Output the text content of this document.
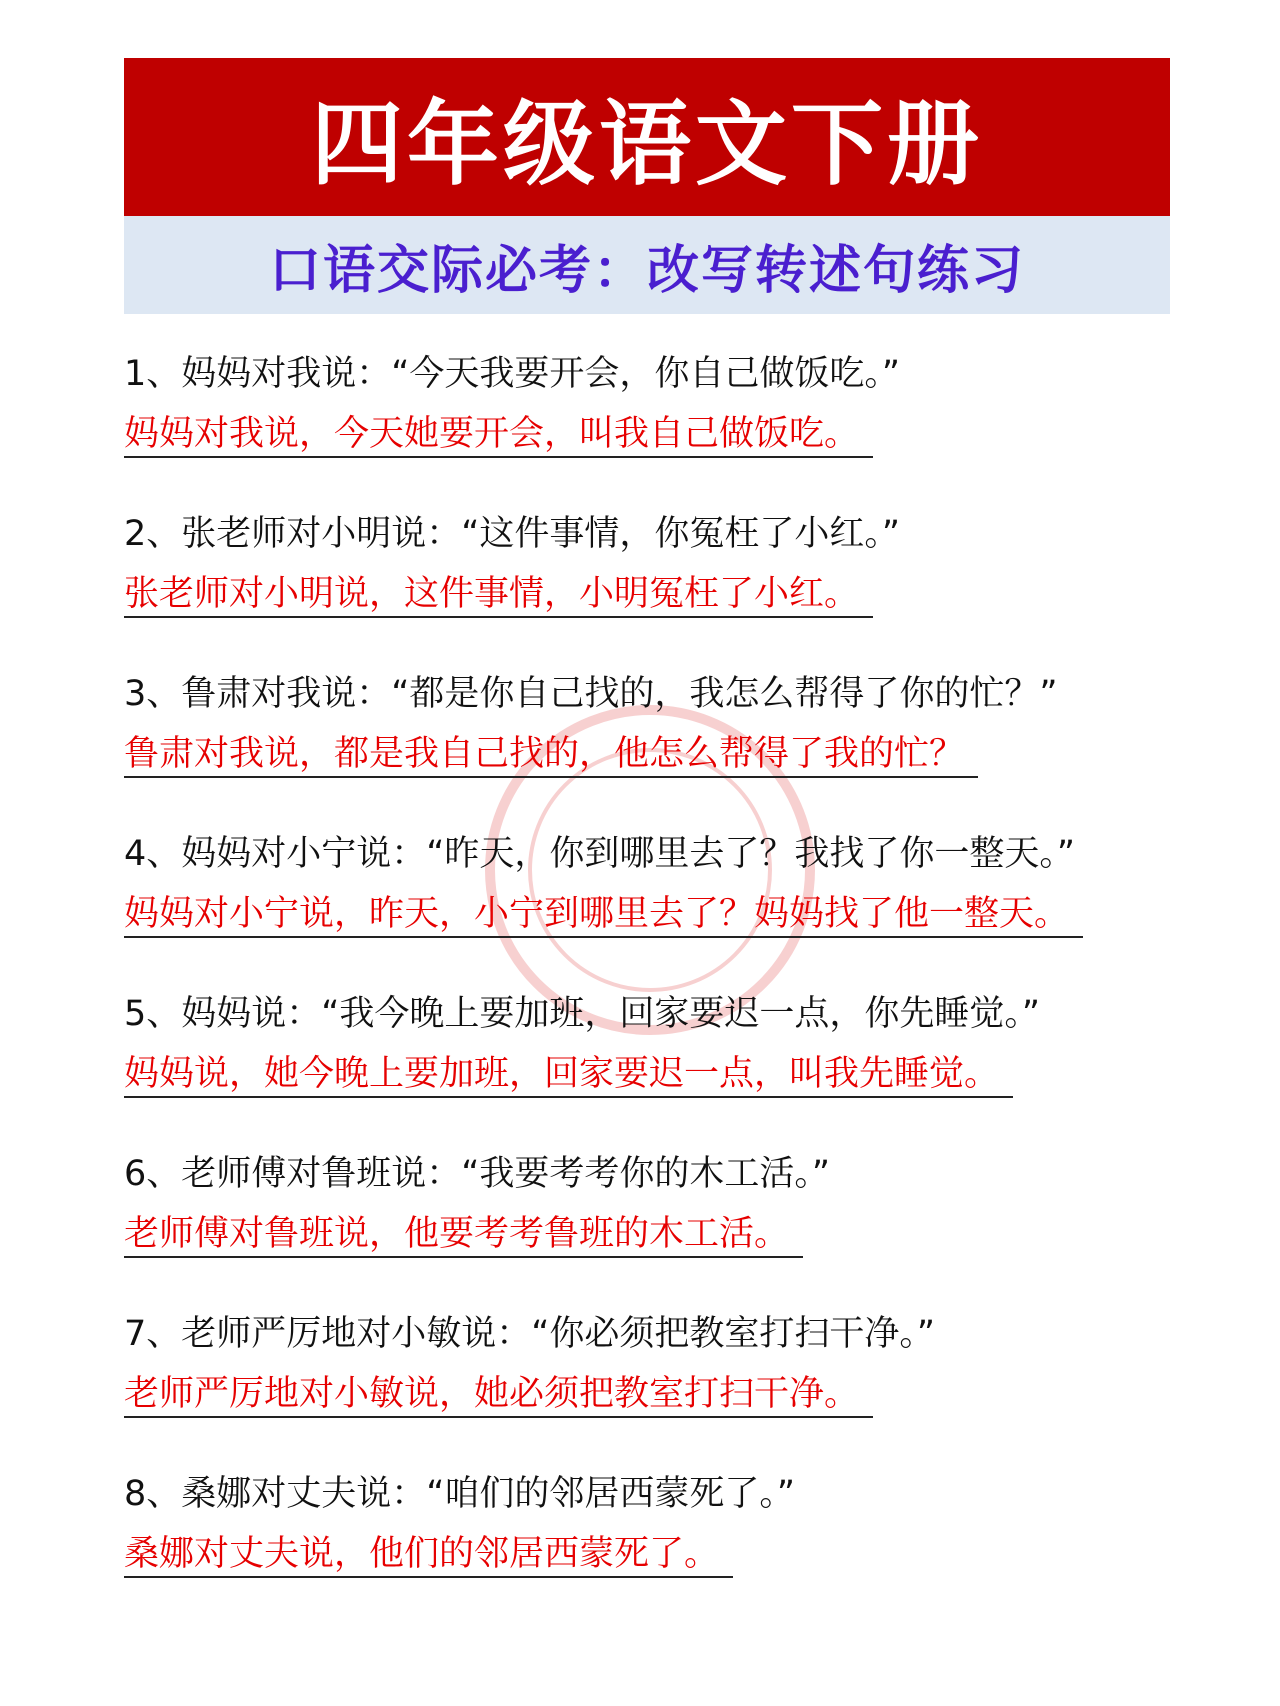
四年级语文下册
口语交际必考：改写转述句练习
1、妈妈对我说：“今天我要开会，你自己做饭吃。”
妈妈对我说，今天她要开会，叫我自己做饭吃。
2、张老师对小明说：“这件事情，你冤枉了小红。”
张老师对小明说，这件事情，小明冤枉了小红。
3、鲁肃对我说：“都是你自己找的，我怎么帮得了你的忙？”
鲁肃对我说，都是我自己找的，他怎么帮得了我的忙？
4、妈妈对小宁说：“昨天，你到哪里去了？我找了你一整天。”
妈妈对小宁说，昨天，小宁到哪里去了？妈妈找了他一整天。
5、妈妈说：“我今晚上要加班，回家要迟一点，你先睡觉。”
妈妈说，她今晚上要加班，回家要迟一点，叫我先睡觉。
6、老师傅对鲁班说：“我要考考你的木工活。”
老师傅对鲁班说，他要考考鲁班的木工活。
7、老师严厉地对小敏说：“你必须把教室打扫干净。”
老师严厉地对小敏说，她必须把教室打扫干净。
8、桑娜对丈夫说：“咱们的邻居西蒙死了。”
桑娜对丈夫说，他们的邻居西蒙死了。
